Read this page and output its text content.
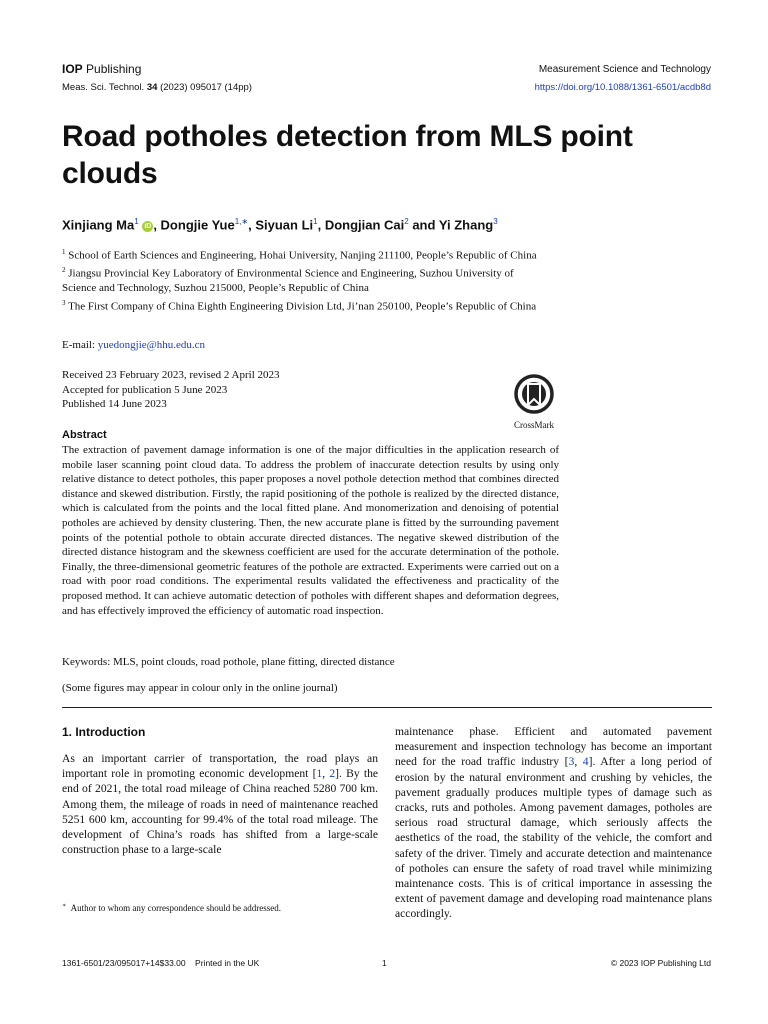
IOP Publishing	Measurement Science and Technology
Meas. Sci. Technol. 34 (2023) 095017 (14pp)	https://doi.org/10.1088/1361-6501/acdb8d
Road potholes detection from MLS point clouds
Xinjiang Ma$^1$ iD , Dongjie Yue$^{1,∗}$, Siyuan Li$^1$, Dongjian Cai$^2$ and Yi Zhang$^3$

$^1$ School of Earth Sciences and Engineering, Hohai University, Nanjing 211100, People’s Republic of China

$^2$ Jiangsu Provincial Key Laboratory of Environmental Science and Engineering, Suzhou University of Science and Technology, Suzhou 215000, People’s Republic of China

$^3$ The First Company of China Eighth Engineering Division Ltd, Ji’nan 250100, People’s Republic of China

E-mail: yuedongjie@hhu.edu.cn
Received 23 February 2023, revised 2 April 2023
Accepted for publication 5 June 2023
Published 14 June 2023
CrossMark
Abstract
The extraction of pavement damage information is one of the major difficulties in the application research of mobile laser scanning point cloud data. To address the problem of inaccurate detection results by using only relative distance to detect potholes, this paper proposes a novel pothole detection method that combines directed distance and skewed distribution. Firstly, the rapid positioning of the pothole is realized by the directed distance, which is calculated from the points and the local fitted plane. And monomerization and denoising of potential potholes are achieved by density clustering. Then, the new accurate plane is fitted by the surrounding pavement points of the potential pothole to obtain accurate directed distances. The negative skewed distribution of the directed distance histogram and the skewness coefficient are used for the accurate determination of the pothole. Finally, the three-dimensional geometric features of the pothole are extracted. Experiments were carried out on a road with poor road conditions. The experimental results validated the effectiveness and practicality of the proposed method. It can achieve automatic detection of potholes with different shapes and deformation degrees, and has effectively improved the efficiency of automatic road inspection.
Keywords: MLS, point clouds, road pothole, plane fitting, directed distance
(Some figures may appear in colour only in the online journal)
1. Introduction
As an important carrier of transportation, the road plays an important role in promoting economic development [1, 2]. By the end of 2021, the total road mileage of China reached 5280 700 km. Among them, the mileage of roads in need of maintenance reached 5251 600 km, accounting for 99.4% of the total road mileage. The development of China’s roads has shifted from a large-scale construction phase to a large-scale
maintenance phase. Efficient and automated pavement measurement and inspection technology has become an important need for the road traffic industry [3, 4]. After a long period of erosion by the natural environment and crushing by vehicles, the pavement gradually produces multiple types of damage such as cracks, ruts and potholes. Among pavement damages, potholes are serious road structural damage, which seriously affects the aesthetics of the road, the stability of the vehicle, the comfort and safety of the driver. Timely and accurate detection and maintenance of potholes can ensure the safety of road travel while minimizing maintenance costs. This is of critical importance in assessing the extent of pavement damage and developing road maintenance plans accordingly.
∗ Author to whom any correspondence should be addressed.
1361-6501/23/095017+14$33.00    Printed in the UK	1	© 2023 IOP Publishing Ltd
